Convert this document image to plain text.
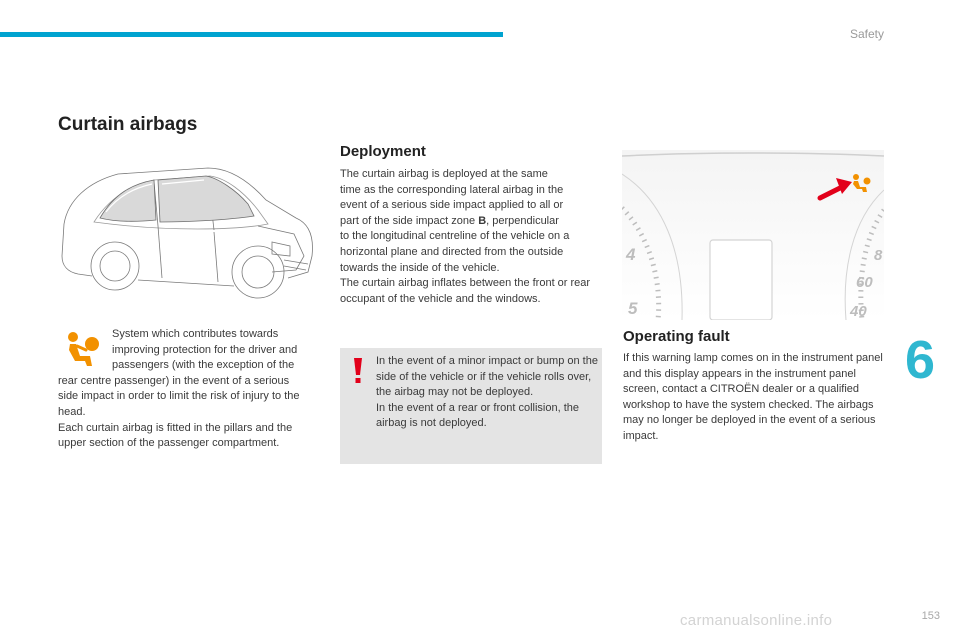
Safety
Curtain airbags

System which contributes towards improving protection for the driver and passengers (with the exception of the rear centre passenger) in the event of a serious side impact in order to limit the risk of injury to the head.

Each curtain airbag is fitted in the pillars and the upper section of the passenger compartment.

Deployment
The curtain airbag is deployed at the same
time as the corresponding lateral airbag in the
event of a serious side impact applied to all or
part of the side impact zone B, perpendicular
to the longitudinal centreline of the vehicle on a
horizontal plane and directed from the outside
towards the inside of the vehicle.
The curtain airbag inflates between the front or rear occupant of the vehicle and the windows.

In the event of a minor impact or bump on the side of the vehicle or if the vehicle rolls over, the airbag may not be deployed.
In the event of a rear or front collision, the airbag is not deployed.

4
5
8
60
40
Operating fault

If this warning lamp comes on in the instrument panel and this display appears in the instrument panel screen, contact a CITROËN dealer or a qualified workshop to have the system checked. The airbags may no longer be deployed in the event of a serious impact.

6
153
carmanualsonline.info
